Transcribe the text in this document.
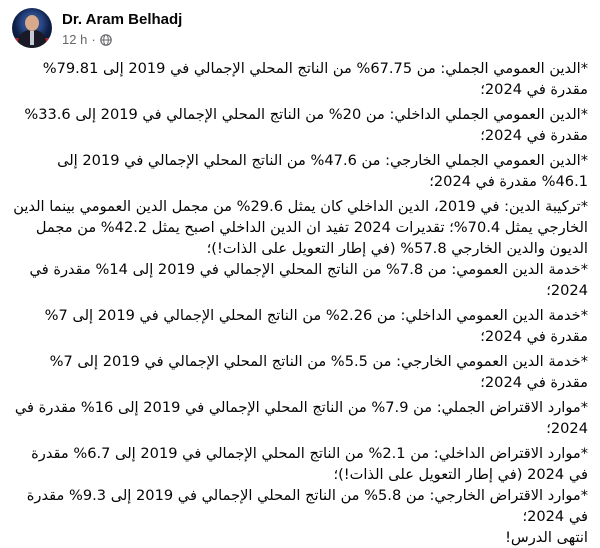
Dr. Aram Belhadj
12 h ·

*الدين العمومي الجملي: من 67.75% من الناتج المحلي الإجمالي في 2019 إلى 79.81% مقدرة في 2024؛

*الدين العمومي الجملي الداخلي: من 20% من الناتج المحلي الإجمالي في 2019 إلى 33.6% مقدرة في 2024؛

*الدين العمومي الجملي الخارجي: من 47.6% من الناتج المحلي الإجمالي في 2019 إلى 46.1% مقدرة في 2024؛

*تركيبة الدين: في 2019، الدين الداخلي كان يمثل 29.6% من مجمل الدين العمومي بينما الدين الخارجي يمثل 70.4%؛ تقديرات 2024 تفيد ان الدين الداخلي اصبح يمثل 42.2% من مجمل الديون والدين الخارجي 57.8% (في إطار التعويل على الذات!)؛

*خدمة الدين العمومي: من 7.8% من الناتج المحلي الإجمالي في 2019 إلى 14% مقدرة في 2024؛

*خدمة الدين العمومي الداخلي: من 2.26% من الناتج المحلي الإجمالي في 2019 إلى 7% مقدرة في 2024؛

*خدمة الدين العمومي الخارجي: من 5.5% من الناتج المحلي الإجمالي في 2019 إلى 7% مقدرة في 2024؛

*موارد الاقتراض الجملي: من 7.9% من الناتج المحلي الإجمالي في 2019 إلى 16% مقدرة في 2024؛

*موارد الاقتراض الداخلي: من 2.1% من الناتج المحلي الإجمالي في 2019 إلى 6.7% مقدرة في 2024 (في إطار التعويل على الذات!)؛

*موارد الاقتراض الخارجي: من 5.8% من الناتج المحلي الإجمالي في 2019 إلى 9.3% مقدرة في 2024؛

انتهى الدرس!
